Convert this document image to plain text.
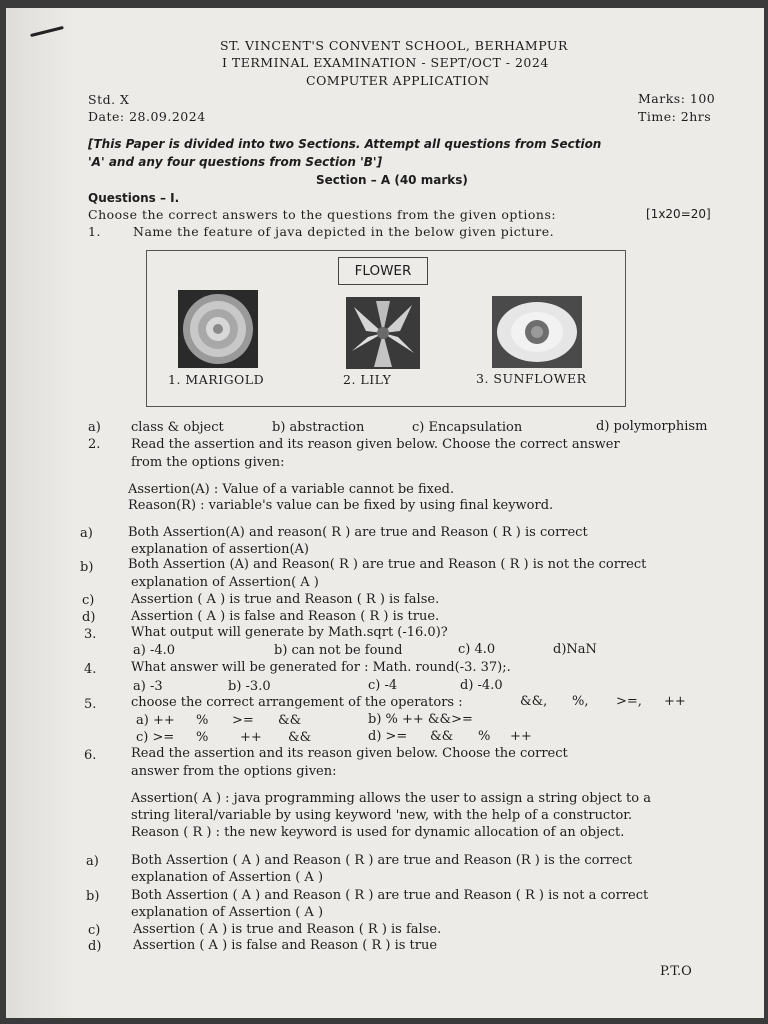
ST. VINCENT'S CONVENT SCHOOL, BERHAMPUR
I TERMINAL EXAMINATION - SEPT/OCT - 2024
COMPUTER APPLICATION
Std. X
Date: 28.09.2024
Marks: 100
Time: 2hrs
[This Paper is divided into two Sections. Attempt all questions from Section
'A' and any four questions from Section 'B']
Section – A (40 marks)
Questions – I.
Choose the correct answers to the questions from the given options:	[1x20=20]
1.	Name the feature of java depicted in the below given picture.
FLOWER
1. MARIGOLD	2. LILY	3. SUNFLOWER
a) class & object	b) abstraction	c) Encapsulation	d) polymorphism
2. Read the assertion and its reason given below. Choose the correct answer
from the options given:
Assertion(A) : Value of a variable cannot be fixed.
Reason(R) : variable's value can be fixed by using final keyword.
a)	Both Assertion(A) and reason( R ) are true and Reason ( R ) is correct
explanation of assertion(A)
b)	Both Assertion (A) and Reason( R ) are true and Reason ( R ) is not the correct
explanation of Assertion( A )
c)	Assertion ( A ) is true and Reason ( R ) is false.
d)	Assertion ( A ) is false and Reason ( R ) is true.
3.	What output will generate by Math.sqrt (-16.0)?
a) -4.0	b) can not be found	c) 4.0	d)NaN
4.	What answer will be generated for : Math. round(-3. 37);.
a) -3	b) -3.0	c) -4	d) -4.0
5.	choose the correct arrangement of the operators :	&&, %, >=, ++
a) ++ % >= &&	b) % ++ &&>=
c) >= % ++ &&	d) >= && % ++
6.	Read the assertion and its reason given below. Choose the correct
answer from the options given:
Assertion( A ) : java programming allows the user to assign a string object to a
string literal/variable by using keyword 'new, with the help of a constructor.
Reason ( R ) : the new keyword is used for dynamic allocation of an object.
a) Both Assertion ( A ) and Reason ( R ) are true and Reason (R ) is the correct
explanation of Assertion ( A )
b) Both Assertion ( A ) and Reason ( R ) are true and Reason ( R ) is not a correct
explanation of Assertion ( A )
c)	Assertion ( A ) is true and Reason ( R ) is false.
d) Assertion ( A ) is false and Reason ( R ) is true
P.T.O
